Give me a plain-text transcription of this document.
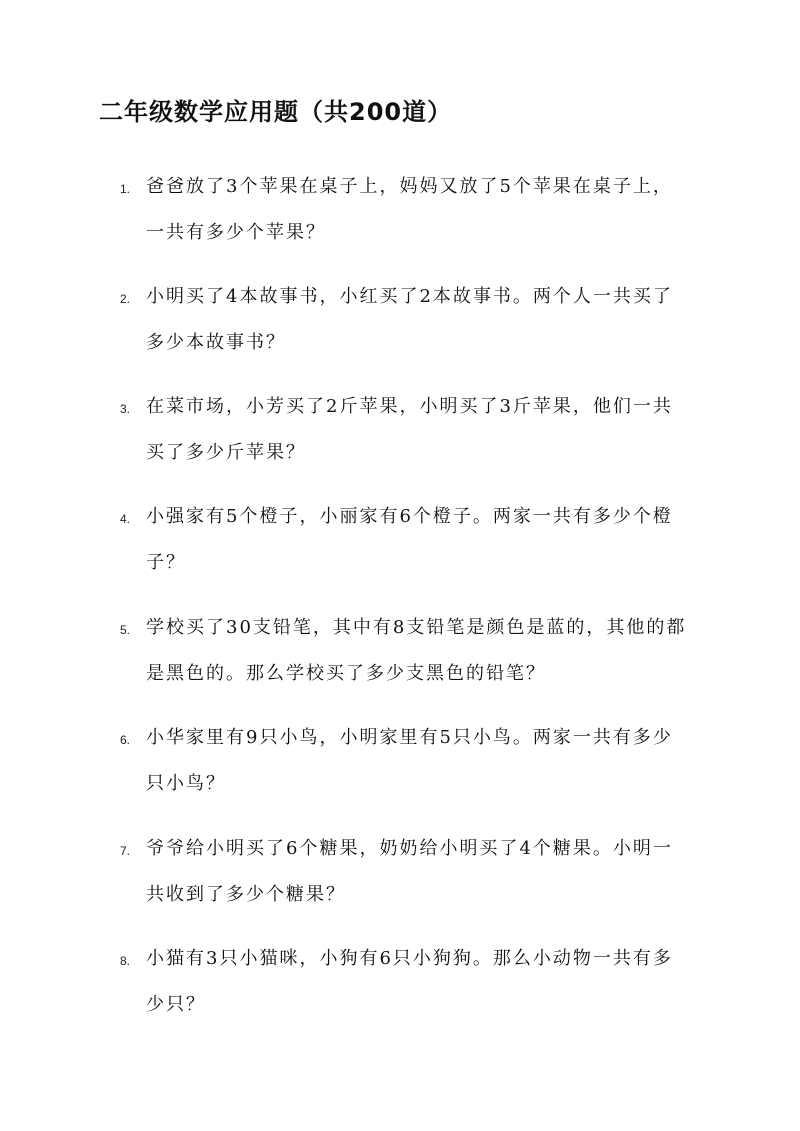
二年级数学应用题（共200道）
1. 爸爸放了3个苹果在桌子上，妈妈又放了5个苹果在桌子上，
一共有多少个苹果？
2. 小明买了4本故事书，小红买了2本故事书。两个人一共买了
多少本故事书？
3. 在菜市场，小芳买了2斤苹果，小明买了3斤苹果，他们一共
买了多少斤苹果？
4. 小强家有5个橙子，小丽家有6个橙子。两家一共有多少个橙
子？
5. 学校买了30支铅笔，其中有8支铅笔是颜色是蓝的，其他的都
是黑色的。那么学校买了多少支黑色的铅笔？
6. 小华家里有9只小鸟，小明家里有5只小鸟。两家一共有多少
只小鸟？
7. 爷爷给小明买了6个糖果，奶奶给小明买了4个糖果。小明一
共收到了多少个糖果？
8. 小猫有3只小猫咪，小狗有6只小狗狗。那么小动物一共有多
少只？
